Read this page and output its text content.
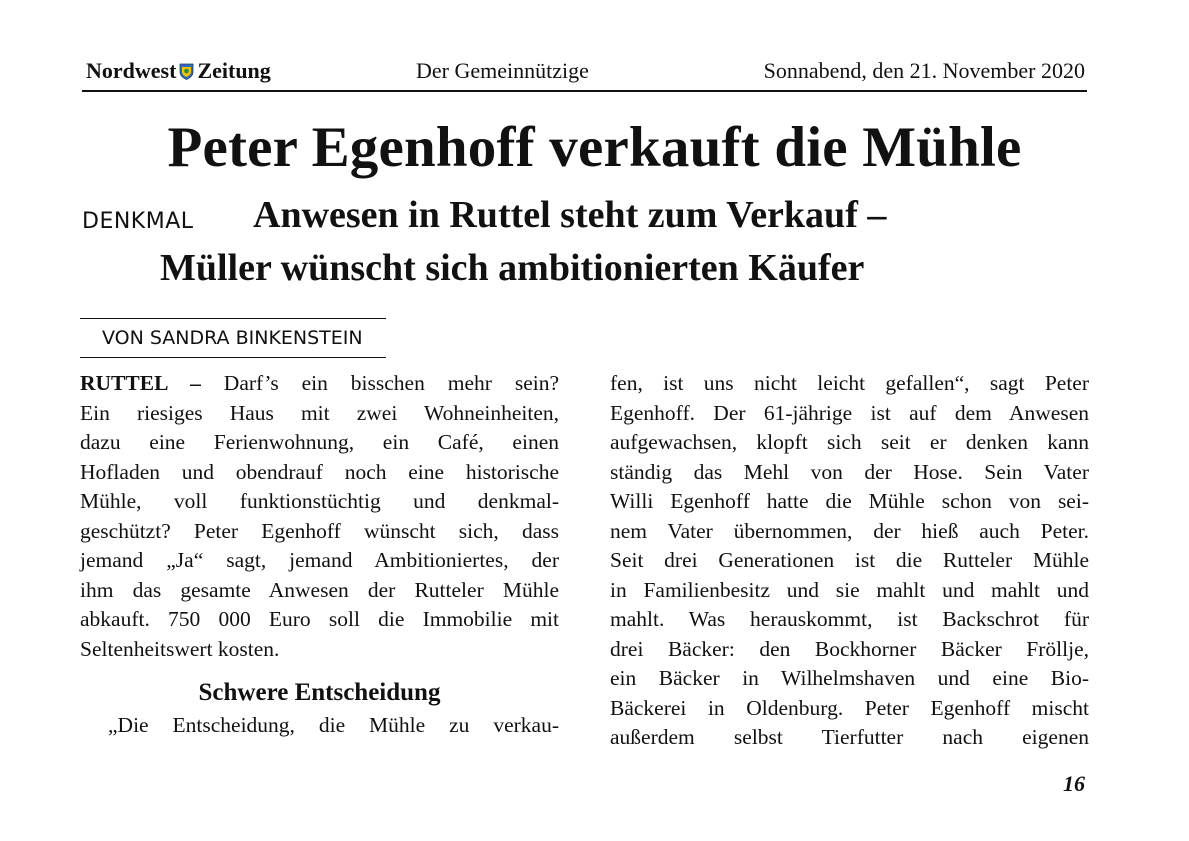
Nordwest Zeitung	Der Gemeinnützige	Sonnabend, den 21. November 2020
Peter Egenhoff verkauft die Mühle
DENKMAL Anwesen in Ruttel steht zum Verkauf –
Müller wünscht sich ambitionierten Käufer
VON SANDRA BINKENSTEIN
RUTTEL – Darf’s ein bisschen mehr sein?
Ein riesiges Haus mit zwei Wohneinheiten,
dazu eine Ferienwohnung, ein Café, einen
Hofladen und obendrauf noch eine historische
Mühle, voll funktionstüchtig und denkmal-
geschützt? Peter Egenhoff wünscht sich, dass
jemand „Ja“ sagt, jemand Ambitioniertes, der
ihm das gesamte Anwesen der Rutteler Mühle
abkauft. 750 000 Euro soll die Immobilie mit
Seltenheitswert kosten.
Schwere Entscheidung
„Die Entscheidung, die Mühle zu verkau-
fen, ist uns nicht leicht gefallen“, sagt Peter
Egenhoff. Der 61-jährige ist auf dem Anwesen
aufgewachsen, klopft sich seit er denken kann
ständig das Mehl von der Hose. Sein Vater
Willi Egenhoff hatte die Mühle schon von sei-
nem Vater übernommen, der hieß auch Peter.
Seit drei Generationen ist die Rutteler Mühle
in Familienbesitz und sie mahlt und mahlt und
mahlt. Was herauskommt, ist Backschrot für
drei Bäcker: den Bockhorner Bäcker Fröllje,
ein Bäcker in Wilhelmshaven und eine Bio-
Bäckerei in Oldenburg. Peter Egenhoff mischt
außerdem selbst Tierfutter nach eigenen
16
